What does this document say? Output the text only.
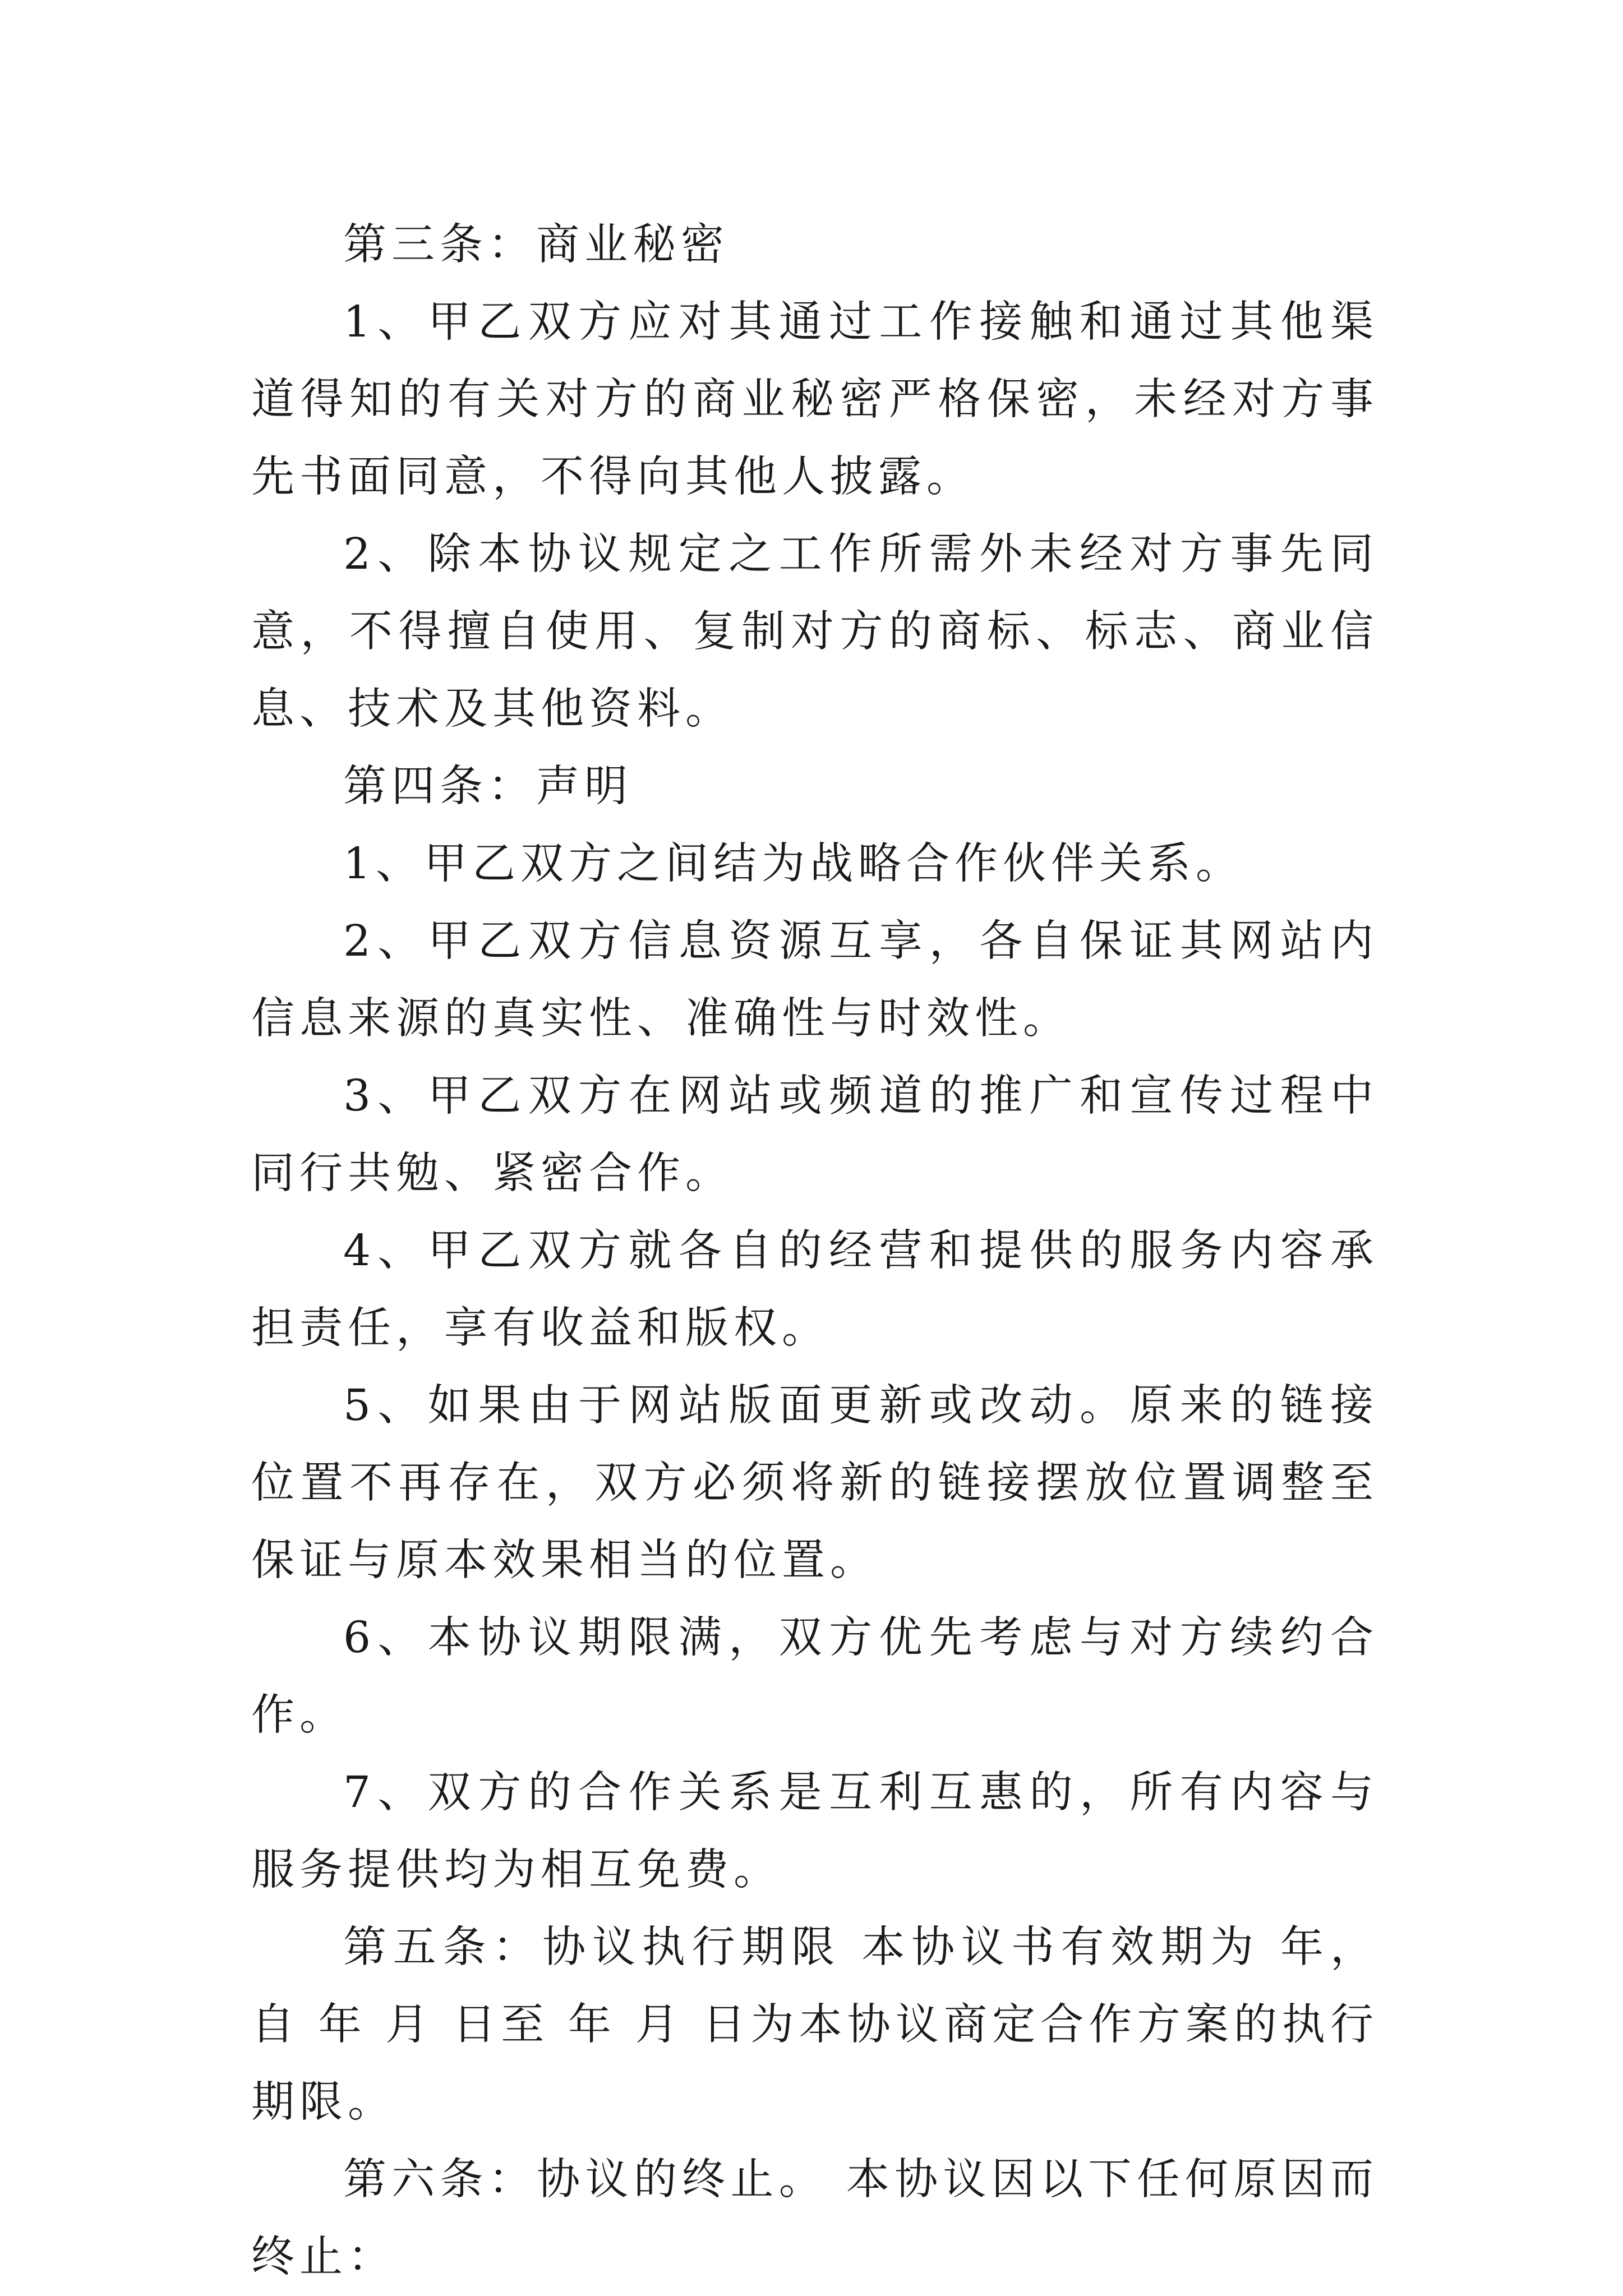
第三条：商业秘密

1、甲乙双方应对其通过工作接触和通过其他渠道得知的有关对方的商业秘密严格保密，未经对方事先书面同意，不得向其他人披露。

2、除本协议规定之工作所需外未经对方事先同意，不得擅自使用、复制对方的商标、标志、商业信息、技术及其他资料。

第四条：声明

1、甲乙双方之间结为战略合作伙伴关系。

2、甲乙双方信息资源互享，各自保证其网站内信息来源的真实性、准确性与时效性。

3、甲乙双方在网站或频道的推广和宣传过程中同行共勉、紧密合作。

4、甲乙双方就各自的经营和提供的服务内容承担责任，享有收益和版权。

5、如果由于网站版面更新或改动。原来的链接位置不再存在，双方必须将新的链接摆放位置调整至保证与原本效果相当的位置。

6、本协议期限满，双方优先考虑与对方续约合作。

7、双方的合作关系是互利互惠的，所有内容与服务提供均为相互免费。

第五条：协议执行期限 本协议书有效期为 年，自 年 月 日至 年 月 日为本协议商定合作方案的执行期限。

第六条：协议的终止。 本协议因以下任何原因而终止：
